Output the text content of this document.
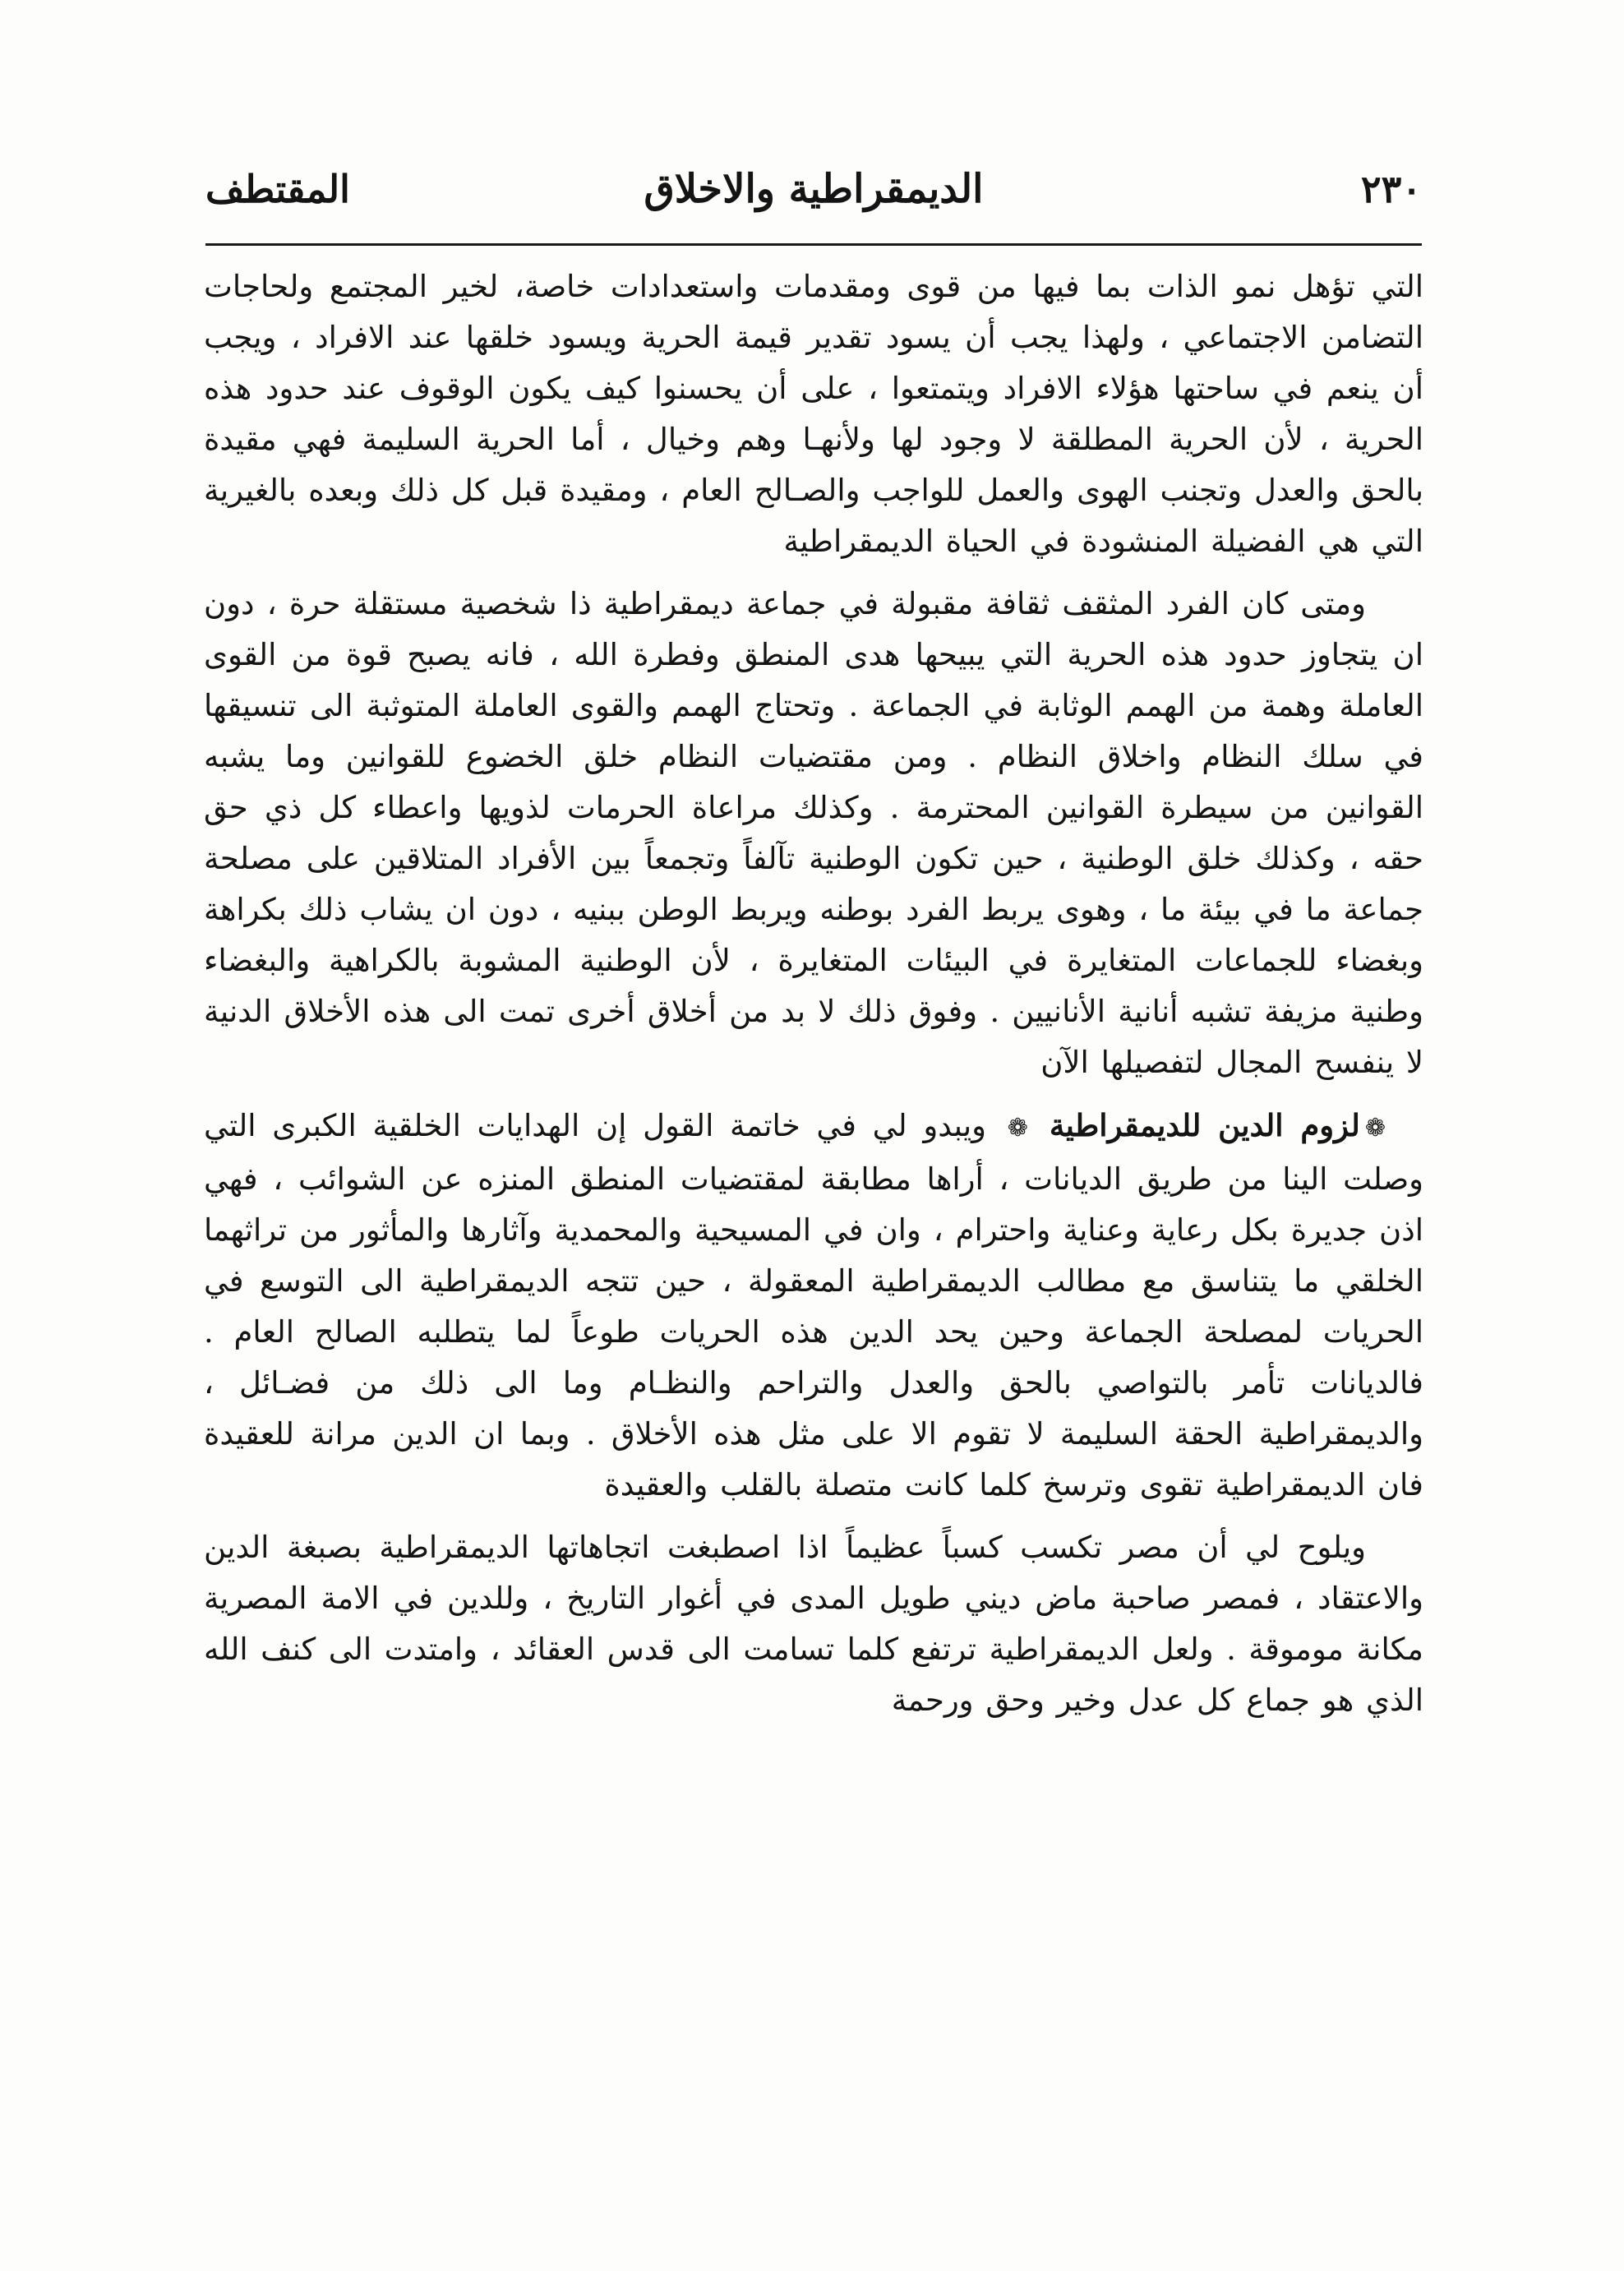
٢٣٠
الديمقراطية والاخلاق
المقتطف

التي تؤهل نمو الذات بما فيها من قوى ومقدمات واستعدادات خاصة، لخير المجتمع ولحاجات التضامن الاجتماعي ، ولهذا يجب أن يسود تقدير قيمة الحرية ويسود خلقها عند الافراد ، ويجب أن ينعم في ساحتها هؤلاء الافراد ويتمتعوا ، على أن يحسنوا كيف يكون الوقوف عند حدود هذه الحرية ، لأن الحرية المطلقة لا وجود لها ولأنهـا وهم وخيال ، أما الحرية السليمة فهي مقيدة بالحق والعدل وتجنب الهوى والعمل للواجب والصـالح العام ، ومقيدة قبل كل ذلك وبعده بالغيرية التي هي الفضيلة المنشودة في الحياة الديمقراطية

ومتى كان الفرد المثقف ثقافة مقبولة في جماعة ديمقراطية ذا شخصية مستقلة حرة ، دون ان يتجاوز حدود هذه الحرية التي يبيحها هدى المنطق وفطرة الله ، فانه يصبح قوة من القوى العاملة وهمة من الهمم الوثابة في الجماعة . وتحتاج الهمم والقوى العاملة المتوثبة الى تنسيقها في سلك النظام واخلاق النظام . ومن مقتضيات النظام خلق الخضوع للقوانين وما يشبه القوانين من سيطرة القوانين المحترمة . وكذلك مراعاة الحرمات لذويها واعطاء كل ذي حق حقه ، وكذلك خلق الوطنية ، حين تكون الوطنية تآلفاً وتجمعاً بين الأفراد المتلاقين على مصلحة جماعة ما في بيئة ما ، وهوى يربط الفرد بوطنه ويربط الوطن ببنيه ، دون ان يشاب ذلك بكراهة وبغضاء للجماعات المتغايرة في البيئات المتغايرة ، لأن الوطنية المشوبة بالكراهية والبغضاء وطنية مزيفة تشبه أنانية الأنانيين . وفوق ذلك لا بد من أخلاق أخرى تمت الى هذه الأخلاق الدنية لا ينفسح المجال لتفصيلها الآن

❁لزوم الدين للديمقراطية❁ ويبدو لي في خاتمة القول إن الهدايات الخلقية الكبرى التي وصلت الينا من طريق الديانات ، أراها مطابقة لمقتضيات المنطق المنزه عن الشوائب ، فهي اذن جديرة بكل رعاية وعناية واحترام ، وان في المسيحية والمحمدية وآثارها والمأثور من تراثهما الخلقي ما يتناسق مع مطالب الديمقراطية المعقولة ، حين تتجه الديمقراطية الى التوسع في الحريات لمصلحة الجماعة وحين يحد الدين هذه الحريات طوعاً لما يتطلبه الصالح العام . فالديانات تأمر بالتواصي بالحق والعدل والتراحم والنظـام وما الى ذلك من فضـائل ، والديمقراطية الحقة السليمة لا تقوم الا على مثل هذه الأخلاق . وبما ان الدين مرانة للعقيدة فان الديمقراطية تقوى وترسخ كلما كانت متصلة بالقلب والعقيدة

ويلوح لي أن مصر تكسب كسباً عظيماً اذا اصطبغت اتجاهاتها الديمقراطية بصبغة الدين والاعتقاد ، فمصر صاحبة ماض ديني طويل المدى في أغوار التاريخ ، وللدين في الامة المصرية مكانة موموقة . ولعل الديمقراطية ترتفع كلما تسامت الى قدس العقائد ، وامتدت الى كنف الله الذي هو جماع كل عدل وخير وحق ورحمة
